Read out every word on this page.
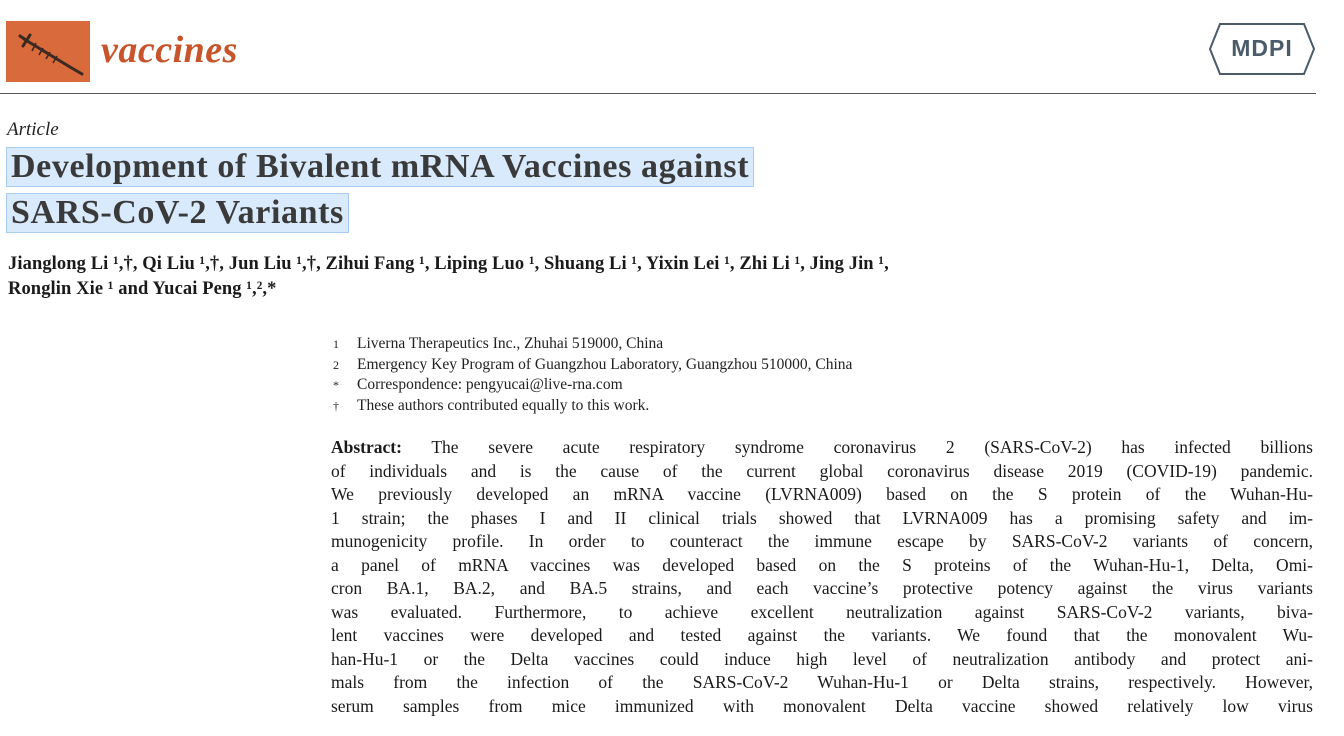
vaccines	MDPI
Article
Development of Bivalent mRNA Vaccines against
SARS-CoV-2 Variants
Jianglong Li ¹,†, Qi Liu ¹,†, Jun Liu ¹,†, Zihui Fang ¹, Liping Luo ¹, Shuang Li ¹, Yixin Lei ¹, Zhi Li ¹, Jing Jin ¹,
Ronglin Xie ¹ and Yucai Peng ¹,²,*
1	Liverna Therapeutics Inc., Zhuhai 519000, China
2	Emergency Key Program of Guangzhou Laboratory, Guangzhou 510000, China
*	Correspondence: pengyucai@live-rna.com
†	These authors contributed equally to this work.
Abstract: The severe acute respiratory syndrome coronavirus 2 (SARS-CoV-2) has infected billions
of individuals and is the cause of the current global coronavirus disease 2019 (COVID-19) pandemic.
We previously developed an mRNA vaccine (LVRNA009) based on the S protein of the Wuhan-Hu-
1 strain; the phases I and II clinical trials showed that LVRNA009 has a promising safety and im-
munogenicity profile. In order to counteract the immune escape by SARS-CoV-2 variants of concern,
a panel of mRNA vaccines was developed based on the S proteins of the Wuhan-Hu-1, Delta, Omi-
cron BA.1, BA.2, and BA.5 strains, and each vaccine’s protective potency against the virus variants
was evaluated. Furthermore, to achieve excellent neutralization against SARS-CoV-2 variants, biva-
lent vaccines were developed and tested against the variants. We found that the monovalent Wu-
han-Hu-1 or the Delta vaccines could induce high level of neutralization antibody and protect ani-
mals from the infection of the SARS-CoV-2 Wuhan-Hu-1 or Delta strains, respectively. However,
serum samples from mice immunized with monovalent Delta vaccine showed relatively low virus
